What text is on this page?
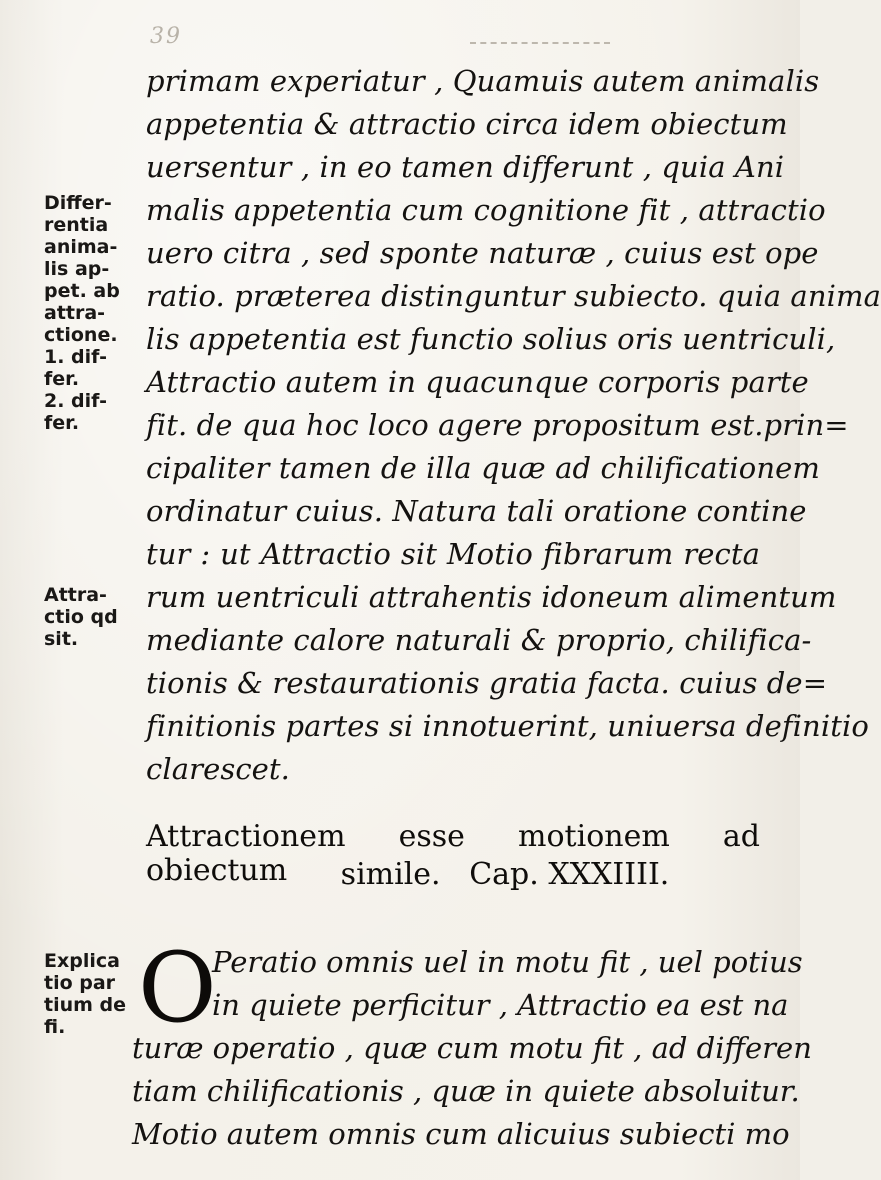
39
primam experiatur , Quamuis autem animalis
appetentia & attractio circa idem obiectum
uersentur , in eo tamen differunt , quia Ani
malis appetentia cum cognitione fit , attractio
uero citra , sed sponte naturæ , cuius est ope
ratio. præterea distinguntur subiecto. quia anima
lis appetentia est functio solius oris uentriculi,
Attractio autem in quacunque corporis parte
fit. de qua hoc loco agere propositum est.prin=
cipaliter tamen de illa quæ ad chilificationem
ordinatur cuius. Natura tali oratione contine
tur : ut Attractio sit Motio fibrarum recta
rum uentriculi attrahentis idoneum alimentum
mediante calore naturali & proprio, chilifica-
tionis & restaurationis gratia facta. cuius de=
finitionis partes si innotuerint, uniuersa definitio
clarescet.
Differ-
rentia
anima-
lis ap-
pet. ab
attra-
ctione.
1. dif-
fer.
2. dif-
fer.
Attra-
ctio qd
sit.
Attractionem esse motionem ad obiectum	simile.   Cap. XXXIIII.
Explica
tio par
tium de
fi. O
Peratio omnis uel in motu fit , uel potius
in quiete perficitur , Attractio ea est na
turæ operatio , quæ cum motu fit , ad differen
tiam chilificationis , quæ in quiete absoluitur.
Motio autem omnis cum alicuius subiecti mo
